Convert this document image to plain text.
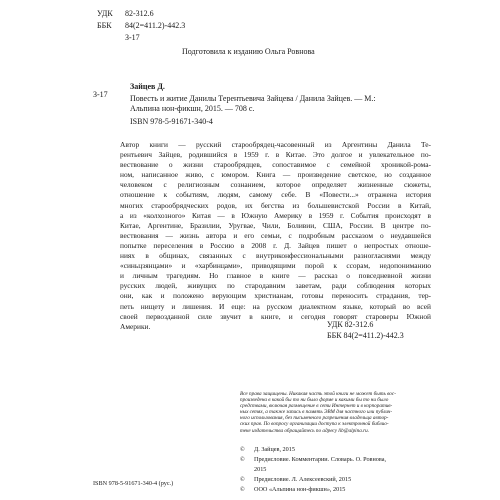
УДК 82-312.6
ББК 84(2=411.2)-442.3
З-17
Подготовила к изданию Ольга Ровнова
З-17
Зайцев Д.
Повесть и житие Данилы Терентьевича Зайцева / Данила Зайцев. — М.:
Альпина нон-фикшн, 2015. — 708 с.
ISBN 978-5-91671-340-4
Автор книги — русский старообрядец-часовенный из Аргентины Данила Те-
рентьевич Зайцев, родившийся в 1959 г. в Китае. Это долгое и увлекательное по-
вествование о жизни старообрядцев, сопоставимое с семейной хроникой-рома-
ном, написанное живо, с юмором. Книга — произведение светское, но созданное
человеком с религиозным сознанием, которое определяет жизненные сюжеты,
отношение к событиям, людям, самому себе. В «Повести...» отражена история
многих старообрядческих родов, их бегства из большевистской России в Китай,
а из «колхозного» Китая — в Южную Америку в 1959 г. События происходят в
Китае, Аргентине, Бразилии, Уругвае, Чили, Боливии, США, России. В центре по-
вествования — жизнь автора и его семьи, с подробным рассказом о неудавшейся
попытке переселения в Россию в 2008 г. Д. Зайцев пишет о непростых отноше-
ниях в общинах, связанных с внутриконфессиональными разногласиями между
«синьцзянцами» и «харбинцами», приводящими порой к ссорам, недопониманию
и личным трагедиям. Но главное в книге — рассказ о повседневной жизни
русских людей, живущих по стародавним заветам, ради соблюдения которых
они, как и положено верующим христианам, готовы переносить страдания, тер-
петь нищету и лишения. И еще: на русском диалектном языке, который во всей
своей первозданной силе звучит в книге, и сегодня говорят староверы Южной
Америки.	УДК 82-312.6
ББК 84(2=411.2)-442.3
Все права защищены. Никакая часть этой книги не может быть вос-
произведена в какой бы то ни было форме и какими бы то ни было
средствами, включая размещение в сети Интернет и в корпоратив-
ных сетях, а также запись в память ЭВМ для частного или публич-
ного использования, без письменного разрешения владельца автор-
ских прав. По вопросу организации доступа к электронной библио-
теке издательства обращайтесь по адресу lib@alpina.ru.
ISBN 978-5-91671-340-4 (рус.)
© Д. Зайцев, 2015
© Предисловие. Комментарии. Словарь. О. Ровнова,
2015
© Предисловие. Л. Алексеевский, 2015
© ООО «Альпина нон-фикшн», 2015
